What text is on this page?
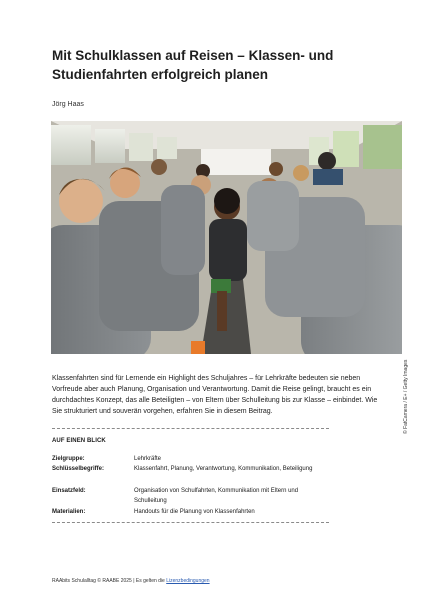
Mit Schulklassen auf Reisen – Klassen- und Studienfahrten erfolgreich planen
Jörg Haas
© FatCamera / E+ / Getty Images

Klassenfahrten sind für Lernende ein Highlight des Schuljahres – für Lehrkräfte bedeuten sie neben Vorfreude aber auch Planung, Organisation und Verantwortung. Damit die Reise gelingt, braucht es ein durchdachtes Konzept, das alle Beteiligten – von Eltern über Schulleitung bis zur Klasse – einbindet. Wie Sie strukturiert und souverän vorgehen, erfahren Sie in diesem Beitrag.

AUF EINEN BLICK
Zielgruppe:	Lehrkräfte
Schlüsselbegriffe:	Klassenfahrt, Planung, Verantwortung, Kommunikation, Beteiligung
Einsatzfeld:	Organisation von Schulfahrten, Kommunikation mit Eltern und Schulleitung
Materialien:	Handouts für die Planung von Klassenfahrten
RAAbits Schulalltag © RAABE 2025 | Es gelten die Lizenzbedingungen
